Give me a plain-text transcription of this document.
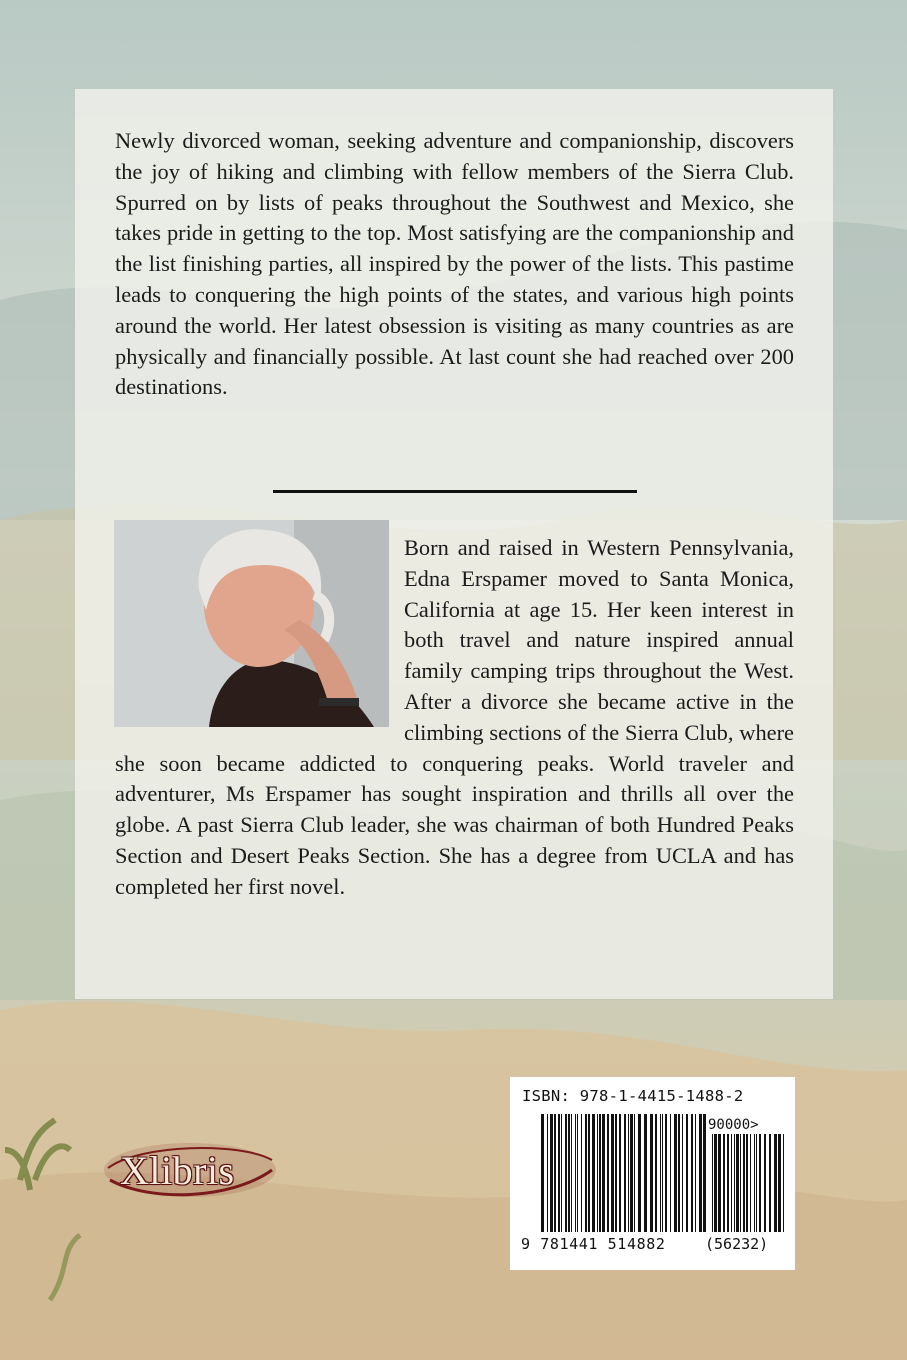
Newly divorced woman, seeking adventure and companionship, discovers the joy of hiking and climbing with fellow members of the Sierra Club. Spurred on by lists of peaks throughout the Southwest and Mexico, she takes pride in getting to the top. Most satisfying are the companionship and the list finishing parties, all inspired by the power of the lists. This pastime leads to conquering the high points of the states, and various high points around the world. Her latest obsession is visiting as many countries as are physically and financially possible. At last count she had reached over 200 destinations.

Born and raised in Western Pennsylvania, Edna Erspamer moved to Santa Monica, California at age 15. Her keen interest in both travel and nature inspired annual family camping trips throughout the West. After a divorce she became active in the climbing sections of the Sierra Club, where she soon became addicted to conquering peaks. World traveler and adventurer, Ms Erspamer has sought inspiration and thrills all over the globe. A past Sierra Club leader, she was chairman of both Hundred Peaks Section and Desert Peaks Section. She has a degree from UCLA and has completed her first novel.

Xlibris
ISBN: 978-1-4415-1488-2
90000>
9 781441 514882	(56232)
